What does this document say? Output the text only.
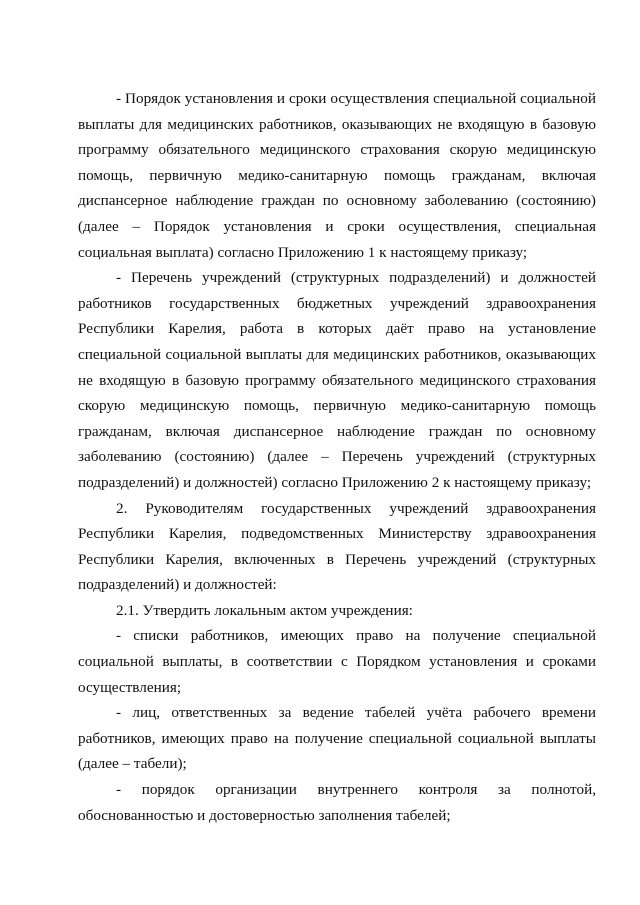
- Порядок установления и сроки осуществления специальной социальной выплаты для медицинских работников, оказывающих не входящую в базовую программу обязательного медицинского страхования скорую медицинскую помощь, первичную медико-санитарную помощь гражданам, включая диспансерное наблюдение граждан по основному заболеванию (состоянию) (далее – Порядок установления и сроки осуществления, специальная социальная выплата) согласно Приложению 1 к настоящему приказу;

- Перечень учреждений (структурных подразделений) и должностей работников государственных бюджетных учреждений здравоохранения Республики Карелия, работа в которых даёт право на установление специальной социальной выплаты для медицинских работников, оказывающих не входящую в базовую программу обязательного медицинского страхования скорую медицинскую помощь, первичную медико-санитарную помощь гражданам, включая диспансерное наблюдение граждан по основному заболеванию (состоянию) (далее – Перечень учреждений (структурных подразделений) и должностей) согласно Приложению 2 к настоящему приказу;

2. Руководителям государственных учреждений здравоохранения Республики Карелия, подведомственных Министерству здравоохранения Республики Карелия, включенных в Перечень учреждений (структурных подразделений) и должностей:

2.1. Утвердить локальным актом учреждения:

- списки работников, имеющих право на получение специальной социальной выплаты, в соответствии с Порядком установления и сроками осуществления;

- лиц, ответственных за ведение табелей учёта рабочего времени работников, имеющих право на получение специальной социальной выплаты (далее – табели);

- порядок организации внутреннего контроля за полнотой, обоснованностью и достоверностью заполнения табелей;
